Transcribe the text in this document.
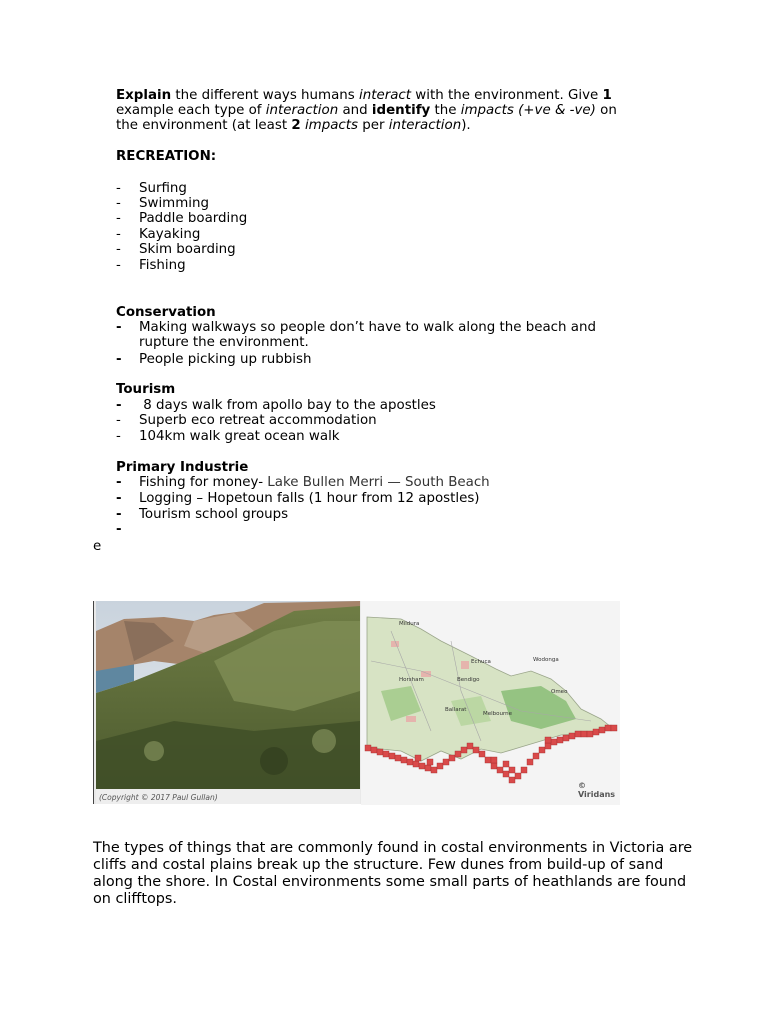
Explain the different ways humans interact with the environment. Give 1
example each type of interaction and identify the impacts (+ve & -ve) on
the environment (at least 2 impacts per interaction).
RECREATION:
- Surfing
- Swimming
- Paddle boarding
- Kayaking
- Skim boarding
- Fishing
Conservation
- Making walkways so people don’t have to walk along the beach and
rupture the environment.
- People picking up rubbish
Tourism
- 8 days walk from apollo bay to the apostles
- Superb eco retreat accommodation
- 104km walk great ocean walk
Primary Industrie
- Fishing for money- Lake Bullen Merri — South Beach
- Logging – Hopetoun falls (1 hour from 12 apostles)
- Tourism school groups
-
e
(Copyright © 2017 Paul Gullan)
Mildura
Echuca	Wodonga
Horsham	Bendigo
Omeo
Ballarat
Melbourne
© Viridans
The types of things that are commonly found in costal environments in Victoria are cliffs and costal plains break up the structure. Few dunes from build-up of sand along the shore. In Costal environments some small parts of heathlands are found on clifftops.
